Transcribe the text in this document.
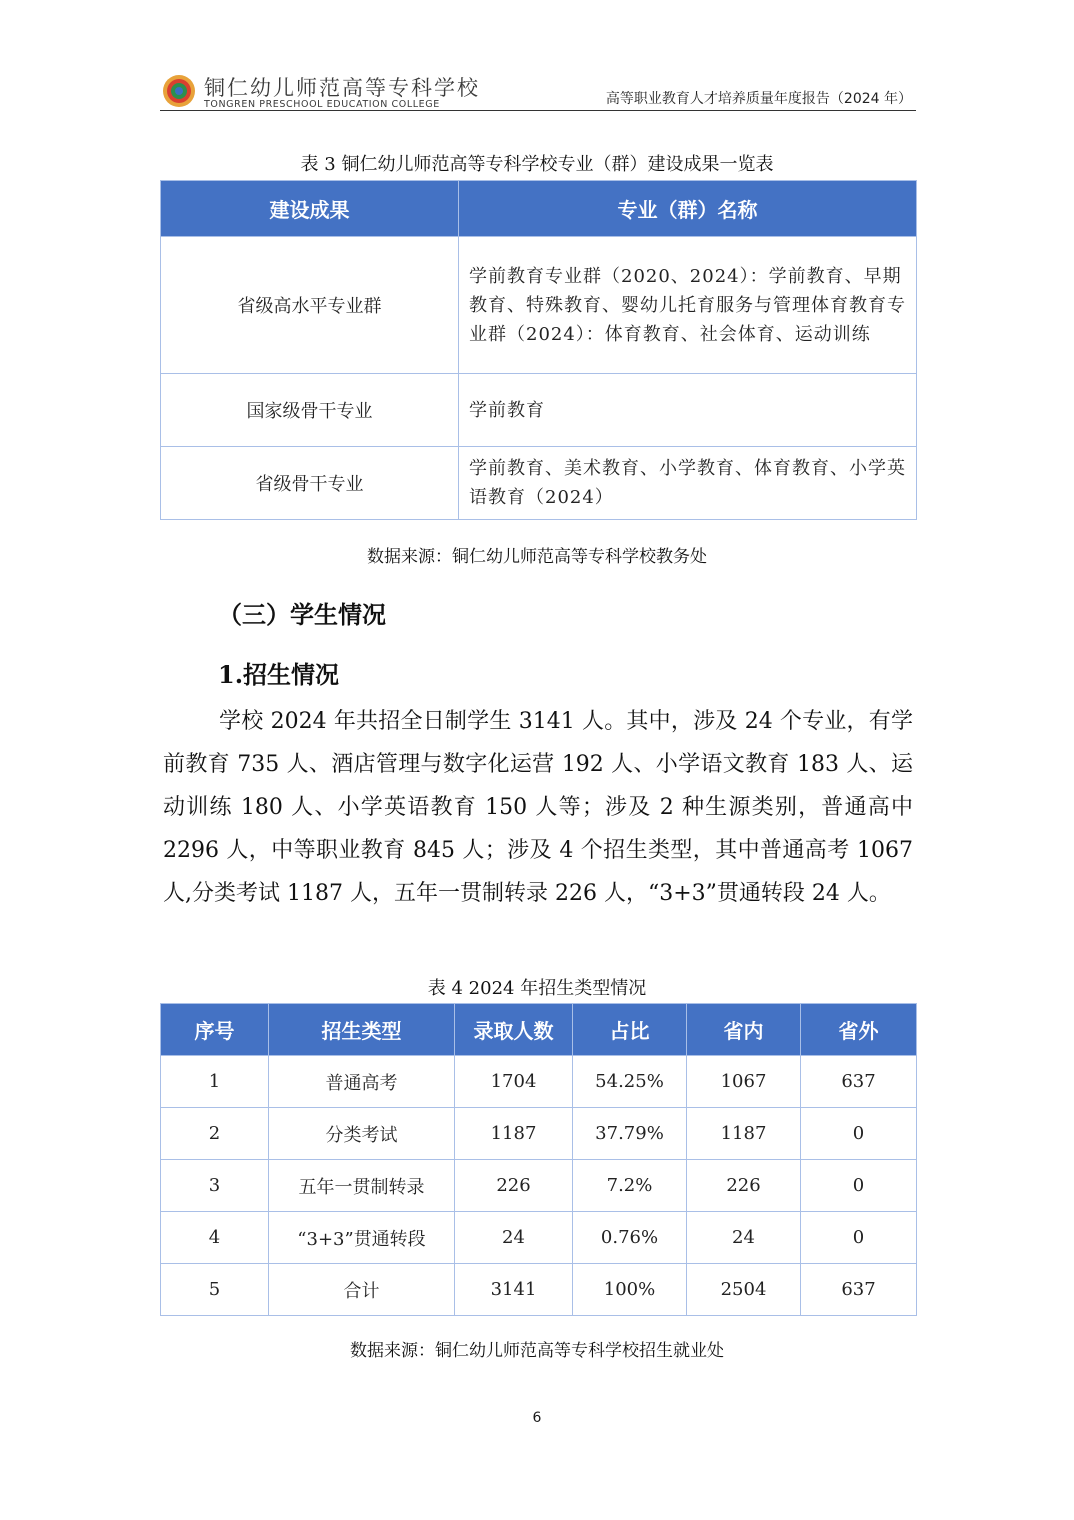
铜仁幼儿师范高等专科学校
TONGREN PRESCHOOL EDUCATION COLLEGE	高等职业教育人才培养质量年度报告（2024 年）
表 3 铜仁幼儿师范高等专科学校专业（群）建设成果一览表
建设成果	专业（群）名称
省级高水平专业群	学前教育专业群（2020、2024）：学前教育、早期教育、特殊教育、婴幼儿托育服务与管理体育教育专业群（2024）：体育教育、社会体育、运动训练
国家级骨干专业	学前教育
省级骨干专业	学前教育、美术教育、小学教育、体育教育、小学英语教育（2024）
数据来源：铜仁幼儿师范高等专科学校教务处
（三）学生情况
1.招生情况
学校 2024 年共招全日制学生 3141 人。其中，涉及 24 个专业，有学前教育 735 人、酒店管理与数字化运营 192 人、小学语文教育 183 人、运动训练 180 人、小学英语教育 150 人等；涉及 2 种生源类别，普通高中 2296 人，中等职业教育 845 人；涉及 4 个招生类型，其中普通高考 1067 人,分类考试 1187 人，五年一贯制转录 226 人，“3+3”贯通转段 24 人。
表 4 2024 年招生类型情况
序号	招生类型	录取人数	占比	省内	省外
1	普通高考	1704	54.25%	1067	637
2	分类考试	1187	37.79%	1187	0
3	五年一贯制转录	226	7.2%	226	0
4	“3+3”贯通转段	24	0.76%	24	0
5	合计	3141	100%	2504	637
数据来源：铜仁幼儿师范高等专科学校招生就业处
6
